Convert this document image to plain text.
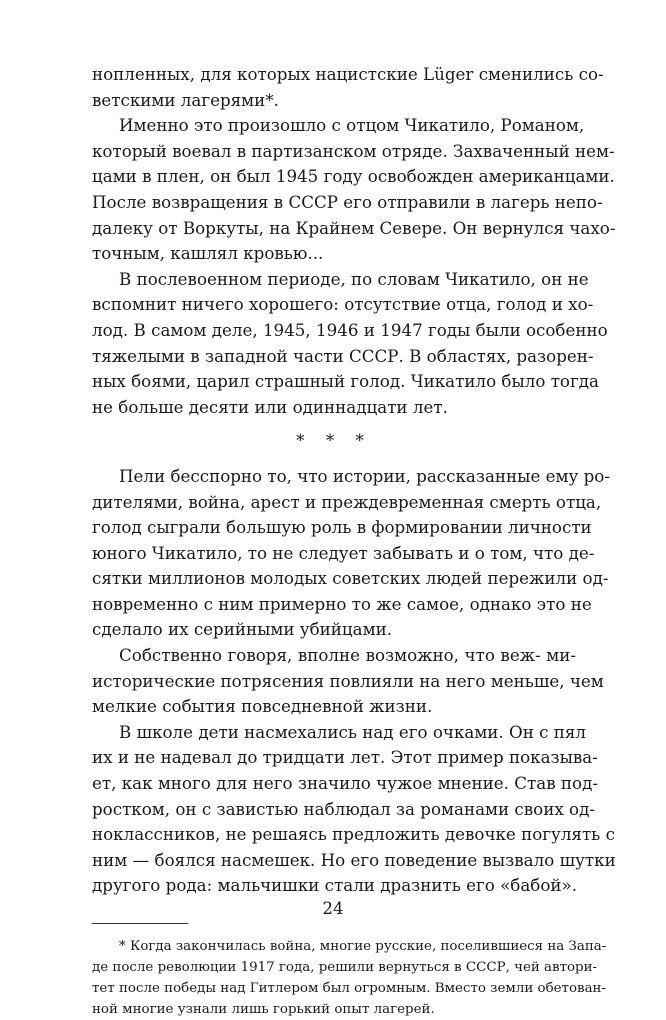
нопленных, для которых нацистские Lüger сменились со-
ветскими лагерями*.
Именно это произошло с отцом Чикатило, Романом,
который воевал в партизанском отряде. Захваченный нем-
цами в плен, он был 1945 году освобожден американцами.
После возвращения в СССР его отправили в лагерь непо-
далеку от Воркуты, на Крайнем Севере. Он вернулся чахо-
точным, кашлял кровью...
В послевоенном периоде, по словам Чикатило, он не
вспомнит ничего хорошего: отсутствие отца, голод и хо-
лод. В самом деле, 1945, 1946 и 1947 годы были особенно
тяжелыми в западной части СССР. В областях, разорен-
ных боями, царил страшный голод. Чикатило было тогда
не больше десяти или одиннадцати лет.
* * *
Пели бесспорно то, что истории, рассказанные ему ро-
дителями, война, арест и преждевременная смерть отца,
голод сыграли большую роль в формировании личности
юного Чикатило, то не следует забывать и о том, что де-
сятки миллионов молодых советских людей пережили од-
новременно с ним примерно то же самое, однако это не
сделало их серийными убийцами.
Собственно говоря, вполне возможно, что веж- ми-
исторические потрясения повлияли на него меньше, чем
мелкие события повседневной жизни.
В школе дети насмехались над его очками. Он с пял
их и не надевал до тридцати лет. Этот пример показыва-
ет, как много для него значило чужое мнение. Став под-
ростком, он с завистью наблюдал за романами своих од-
ноклассников, не решаясь предложить девочке погулять с
ним — боялся насмешек. Но его поведение вызвало шутки
другого рода: мальчишки стали дразнить его «бабой».
* Когда закончилась война, многие русские, поселившиеся на Запа-
де после революции 1917 года, решили вернуться в СССР, чей автори-
тет после победы над Гитлером был огромным. Вместо земли обетован-
ной многие узнали лишь горький опыт лагерей.
24
